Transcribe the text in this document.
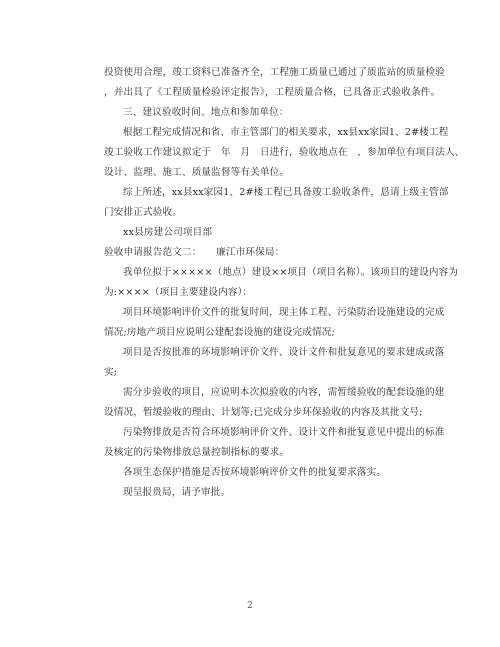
投资使用合理，竣工资料已准备齐全，工程施工质量已通过了质监站的质量检验
，并出具了《工程质量检验评定报告》，工程质量合格，已具备正式验收条件。
三、建议验收时间、地点和参加单位：
根据工程完成情况和省、市主管部门的相关要求，xx县xx家园1、2#楼工程
竣工验收工作建议拟定于　年　月　日进行，验收地点在　，参加单位有项目法人、
设计、监理、施工、质量监督等有关单位。
综上所述，xx县xx家园1、2#楼工程已具备竣工验收条件，恳请上级主管部
门安排正式验收。
xx县房建公司项目部
验收申请报告范文二：　　廉江市环保局：
我单位拟于×××××（地点）建设××项目（项目名称）。该项目的建设内容为
为:××××（项目主要建设内容）：
项目环境影响评价文件的批复时间，现主体工程、污染防治设施建设的完成
情况;房地产项目应说明公建配套设施的建设完成情况;
项目是否按批准的环境影响评价文件、设计文件和批复意见的要求建成或落
实;
需分步验收的项目，应说明本次拟验收的内容，需暂缓验收的配套设施的建
设情况，暂缓验收的理由、计划等;已完成分步环保验收的内容及其批文号;
污染物排放是否符合环境影响评价文件、设计文件和批复意见中提出的标准
及核定的污染物排放总量控制指标的要求。
各项生态保护措施是否按环境影响评价文件的批复要求落实。
现呈报贵局，请予审批。
2
